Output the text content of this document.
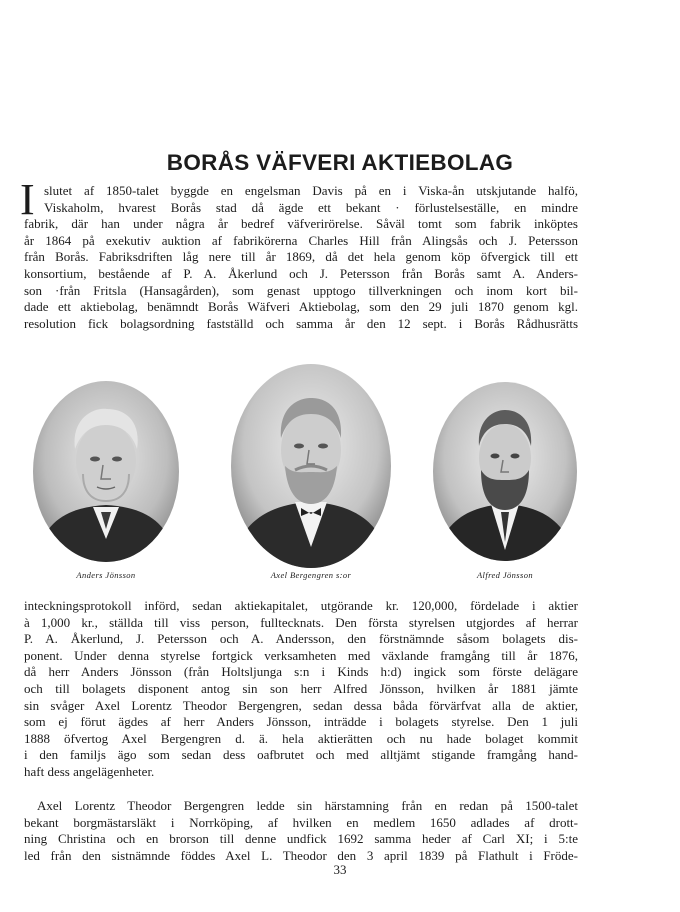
BORÅS VÄFVERI AKTIEBOLAG
I slutet af 1850-talet byggde en engelsman Davis på en i Viska-ån utskjutande halfö,
Viskaholm, hvarest Borås stad då ägde ett bekant · förlustelseställe, en mindre
fabrik, där han under några år bedref väfverirörelse. Såväl tomt som fabrik inköptes
år 1864 på exekutiv auktion af fabrikörerna Charles Hill från Alingsås och J. Petersson
från Borås. Fabriksdriften låg nere till år 1869, då det hela genom köp öfvergick till ett
konsortium, bestående af P. A. Åkerlund och J. Petersson från Borås samt A. Anders-
son ·från Fritsla (Hansagården), som genast upptogo tillverkningen och inom kort bil-
dade ett aktiebolag, benämndt Borås Wäfveri Aktiebolag, som den 29 juli 1870 genom kgl.
resolution fick bolagsordning fastställd och samma år den 12 sept. i Borås Rådhusrätts
Anders Jönsson	Axel Bergengren s:or	Alfred Jönsson
inteckningsprotokoll införd, sedan aktiekapitalet, utgörande kr. 120,000, fördelade i aktier
à 1,000 kr., ställda till viss person, fulltecknats. Den första styrelsen utgjordes af herrar
P. A. Åkerlund, J. Petersson och A. Andersson, den förstnämnde såsom bolagets dis-
ponent. Under denna styrelse fortgick verksamheten med växlande framgång till år 1876,
då herr Anders Jönsson (från Holtsljunga s:n i Kinds h:d) ingick som förste delägare
och till bolagets disponent antog sin son herr Alfred Jönsson, hvilken år 1881 jämte
sin svåger Axel Lorentz Theodor Bergengren, sedan dessa båda förvärfvat alla de aktier,
som ej förut ägdes af herr Anders Jönsson, inträdde i bolagets styrelse. Den 1 juli
1888 öfvertog Axel Bergengren d. ä. hela aktierätten och nu hade bolaget kommit
i den familjs ägo som sedan dess oafbrutet och med alltjämt stigande framgång hand-
haft dess angelägenheter.
Axel Lorentz Theodor Bergengren ledde sin härstamning från en redan på 1500-talet
bekant borgmästarsläkt i Norrköping, af hvilken en medlem 1650 adlades af drott-
ning Christina och en brorson till denne undfick 1692 samma heder af Carl XI; i 5:te
led från den sistnämnde föddes Axel L. Theodor den 3 april 1839 på Flathult i Fröde-
33
